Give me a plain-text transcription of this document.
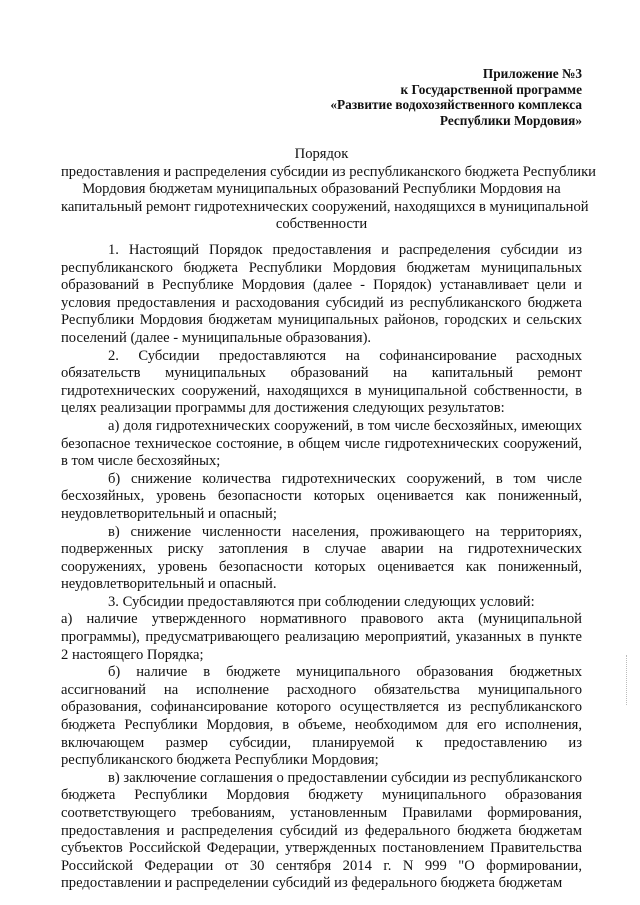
Приложение №3
к Государственной программе
«Развитие водохозяйственного комплекса
Республики Мордовия»
Порядок
предоставления и распределения субсидии из республиканского бюджета Республики
Мордовия бюджетам муниципальных образований Республики Мордовия на
капитальный ремонт гидротехнических сооружений, находящихся в муниципальной
собственности

1. Настоящий Порядок предоставления и распределения субсидии из республиканского бюджета Республики Мордовия бюджетам муниципальных образований в Республике Мордовия (далее - Порядок) устанавливает цели и условия предоставления и расходования субсидий из республиканского бюджета Республики Мордовия бюджетам муниципальных районов, городских и сельских поселений (далее - муниципальные образования).

2. Субсидии предоставляются на софинансирование расходных обязательств муниципальных образований на капитальный ремонт гидротехнических сооружений, находящихся в муниципальной собственности, в целях реализации программы для достижения следующих результатов:

а) доля гидротехнических сооружений, в том числе бесхозяйных, имеющих безопасное техническое состояние, в общем числе гидротехнических сооружений, в том числе бесхозяйных;

б) снижение количества гидротехнических сооружений, в том числе бесхозяйных, уровень безопасности которых оценивается как пониженный, неудовлетворительный и опасный;

в) снижение численности населения, проживающего на территориях, подверженных риску затопления в случае аварии на гидротехнических сооружениях, уровень безопасности которых оценивается как пониженный, неудовлетворительный и опасный.

3. Субсидии предоставляются при соблюдении следующих условий:

а) наличие утвержденного нормативного правового акта (муниципальной программы), предусматривающего реализацию мероприятий, указанных в пункте 2 настоящего Порядка;

б) наличие в бюджете муниципального образования бюджетных ассигнований на исполнение расходного обязательства муниципального образования, софинансирование которого осуществляется из республиканского бюджета Республики Мордовия, в объеме, необходимом для его исполнения, включающем размер субсидии, планируемой к предоставлению из республиканского бюджета Республики Мордовия;

в) заключение соглашения о предоставлении субсидии из республиканского бюджета Республики Мордовия бюджету муниципального образования соответствующего требованиям, установленным Правилами формирования, предоставления и распределения субсидий из федерального бюджета бюджетам субъектов Российской Федерации, утвержденных постановлением Правительства Российской Федерации от 30 сентября 2014 г. N 999 "О формировании, предоставлении и распределении субсидий из федерального бюджета бюджетам
